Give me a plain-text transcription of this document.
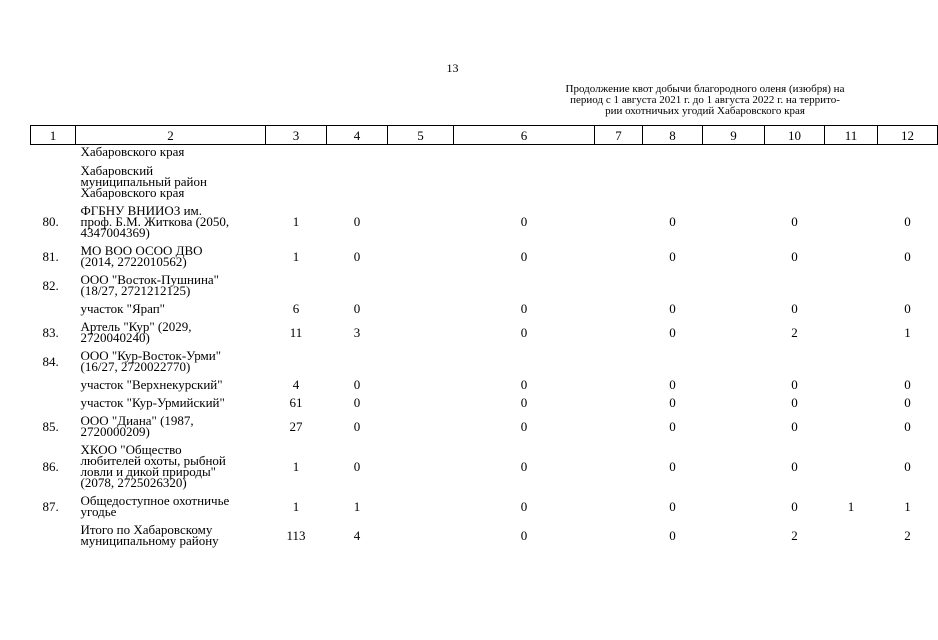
13
Продолжение квот добычи благородного оленя (изюбря) на
период с 1 августа 2021 г. до 1 августа 2022 г. на террито-
рии охотничьих угодий Хабаровского края
1	2	3	4	5	6	7	8	9	10	11	12

	Хабаровского края										

	Хабаровский
муниципальный район
Хабаровского края										

80.	ФГБНУ ВНИИОЗ им.
проф. Б.М. Житкова (2050,
4347004369)	1	0		0		0		0		0
81.	МО ВОО ОСОО ДВО
(2014, 2722010562)	1	0		0		0		0		0
82.	ООО "Восток-Пушнина"
(18/27, 2721212125)										

	участок "Ярап"	6	0		0		0		0		0
83.	Артель "Кур" (2029,
2720040240)	11	3		0		0		2		1
84.	ООО "Кур-Восток-Урми"
(16/27, 2720022770)										

	участок "Верхнекурский"	4	0		0		0		0		0

	участок "Кур-Урмийский"	61	0		0		0		0		0
85.	ООО "Диана" (1987,
2720000209)	27	0		0		0		0		0
86.	ХКОО "Общество
любителей охоты, рыбной
ловли и дикой природы"
(2078, 2725026320)	1	0		0		0		0		0
87.	Общедоступное охотничье
угодье	1	1		0		0		0	1	1

	Итого по Хабаровскому
муниципальному району	113	4		0		0		2		2
